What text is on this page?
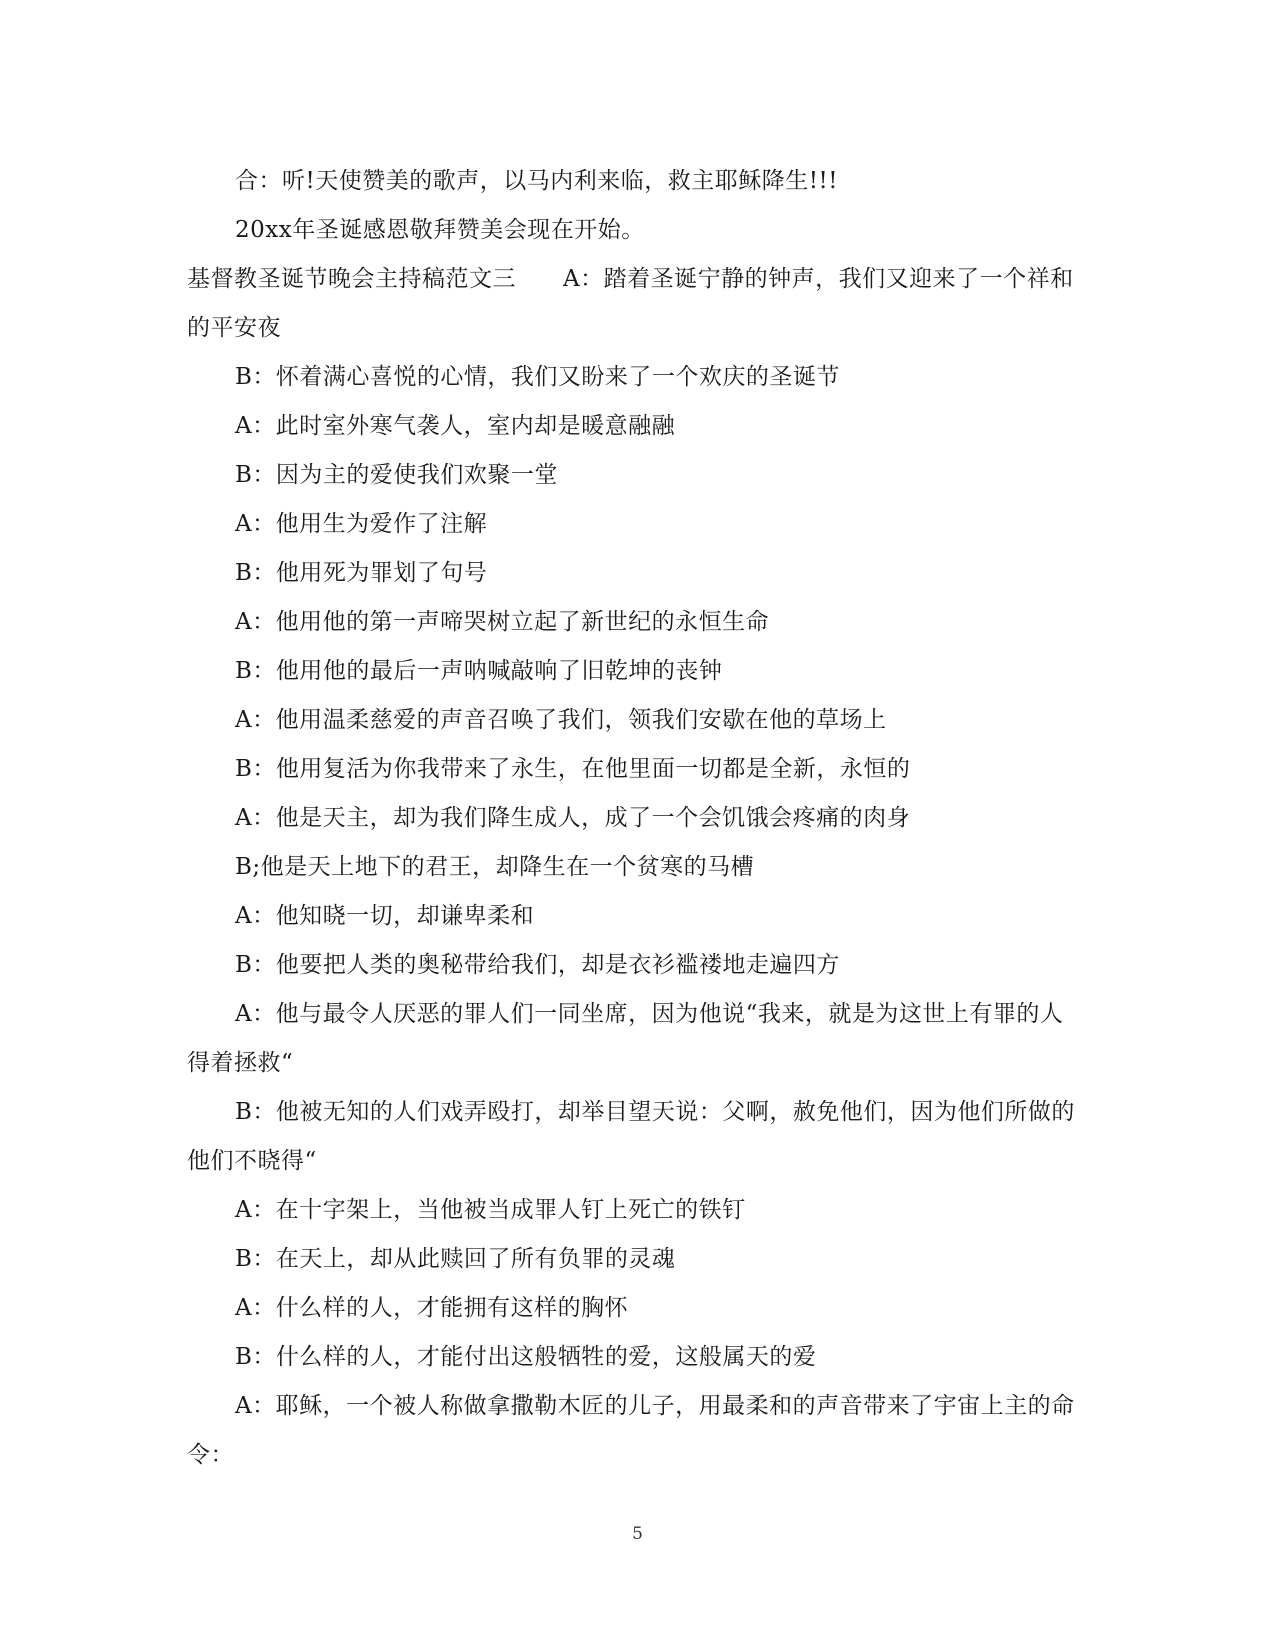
合：听!天使赞美的歌声，以马内利来临，救主耶稣降生!!!

20xx年圣诞感恩敬拜赞美会现在开始。

基督教圣诞节晚会主持稿范文三　　A：踏着圣诞宁静的钟声，我们又迎来了一个祥和的平安夜

B：怀着满心喜悦的心情，我们又盼来了一个欢庆的圣诞节

A：此时室外寒气袭人，室内却是暖意融融

B：因为主的爱使我们欢聚一堂

A：他用生为爱作了注解

B：他用死为罪划了句号

A：他用他的第一声啼哭树立起了新世纪的永恒生命

B：他用他的最后一声呐喊敲响了旧乾坤的丧钟

A：他用温柔慈爱的声音召唤了我们，领我们安歇在他的草场上

B：他用复活为你我带来了永生，在他里面一切都是全新，永恒的

A：他是天主，却为我们降生成人，成了一个会饥饿会疼痛的肉身

B;他是天上地下的君王，却降生在一个贫寒的马槽

A：他知晓一切，却谦卑柔和

B：他要把人类的奥秘带给我们，却是衣衫褴褛地走遍四方

A：他与最令人厌恶的罪人们一同坐席，因为他说“我来，就是为这世上有罪的人得着拯救“

B：他被无知的人们戏弄殴打，却举目望天说：父啊，赦免他们，因为他们所做的他们不晓得“

A：在十字架上，当他被当成罪人钉上死亡的铁钉

B：在天上，却从此赎回了所有负罪的灵魂

A：什么样的人，才能拥有这样的胸怀

B：什么样的人，才能付出这般牺牲的爱，这般属天的爱

A：耶稣，一个被人称做拿撒勒木匠的儿子，用最柔和的声音带来了宇宙上主的命令：

5
